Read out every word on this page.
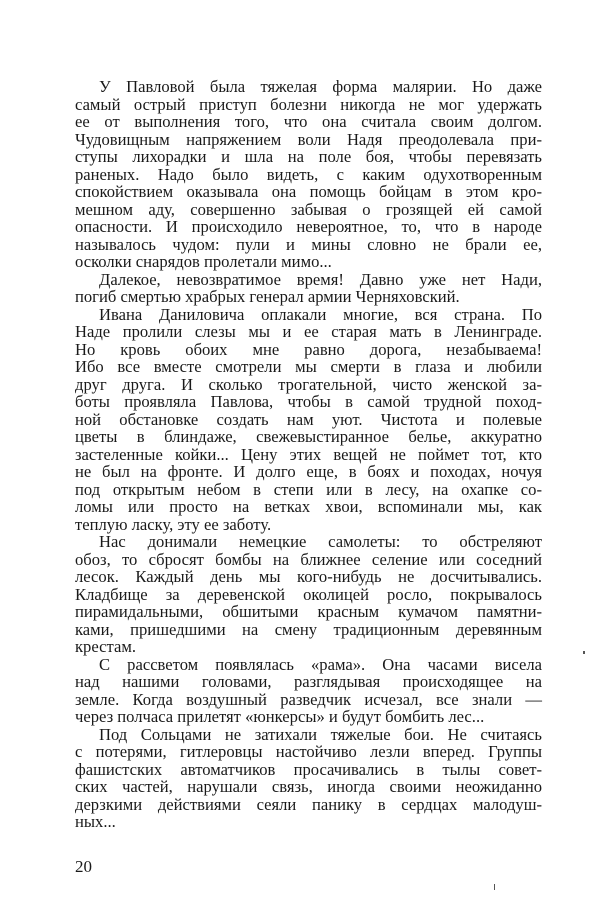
У Павловой была тяжелая форма малярии. Но даже
самый острый приступ болезни никогда не мог удержать
ее от выполнения того, что она считала своим долгом.
Чудовищным напряжением воли Надя преодолевала при-
ступы лихорадки и шла на поле боя, чтобы перевязать
раненых. Надо было видеть, с каким одухотворенным
спокойствием оказывала она помощь бойцам в этом кро-
мешном аду, совершенно забывая о грозящей ей самой
опасности. И происходило невероятное, то, что в народе
называлось чудом: пули и мины словно не брали ее,
осколки снарядов пролетали мимо...
Далекое, невозвратимое время! Давно уже нет Нади,
погиб смертью храбрых генерал армии Черняховский.
Ивана Даниловича оплакали многие, вся страна. По
Наде пролили слезы мы и ее старая мать в Ленинграде.
Но кровь обоих мне равно дорога, незабываема!
Ибо все вместе смотрели мы смерти в глаза и любили
друг друга. И сколько трогательной, чисто женской за-
боты проявляла Павлова, чтобы в самой трудной поход-
ной обстановке создать нам уют. Чистота и полевые
цветы в блиндаже, свежевыстиранное белье, аккуратно
застеленные койки... Цену этих вещей не поймет тот, кто
не был на фронте. И долго еще, в боях и походах, ночуя
под открытым небом в степи или в лесу, на охапке со-
ломы или просто на ветках хвои, вспоминали мы, как
теплую ласку, эту ее заботу.
Нас донимали немецкие самолеты: то обстреляют
обоз, то сбросят бомбы на ближнее селение или соседний
лесок. Каждый день мы кого-нибудь не досчитывались.
Кладбище за деревенской околицей росло, покрывалось
пирамидальными, обшитыми красным кумачом памятни-
ками, пришедшими на смену традиционным деревянным
крестам.
С рассветом появлялась «рама». Она часами висела
над нашими головами, разглядывая происходящее на
земле. Когда воздушный разведчик исчезал, все знали —
через полчаса прилетят «юнкерсы» и будут бомбить лес...
Под Сольцами не затихали тяжелые бои. Не считаясь
с потерями, гитлеровцы настойчиво лезли вперед. Группы
фашистских автоматчиков просачивались в тылы совет-
ских частей, нарушали связь, иногда своими неожиданно
дерзкими действиями сеяли панику в сердцах малодуш-
ных...
20
